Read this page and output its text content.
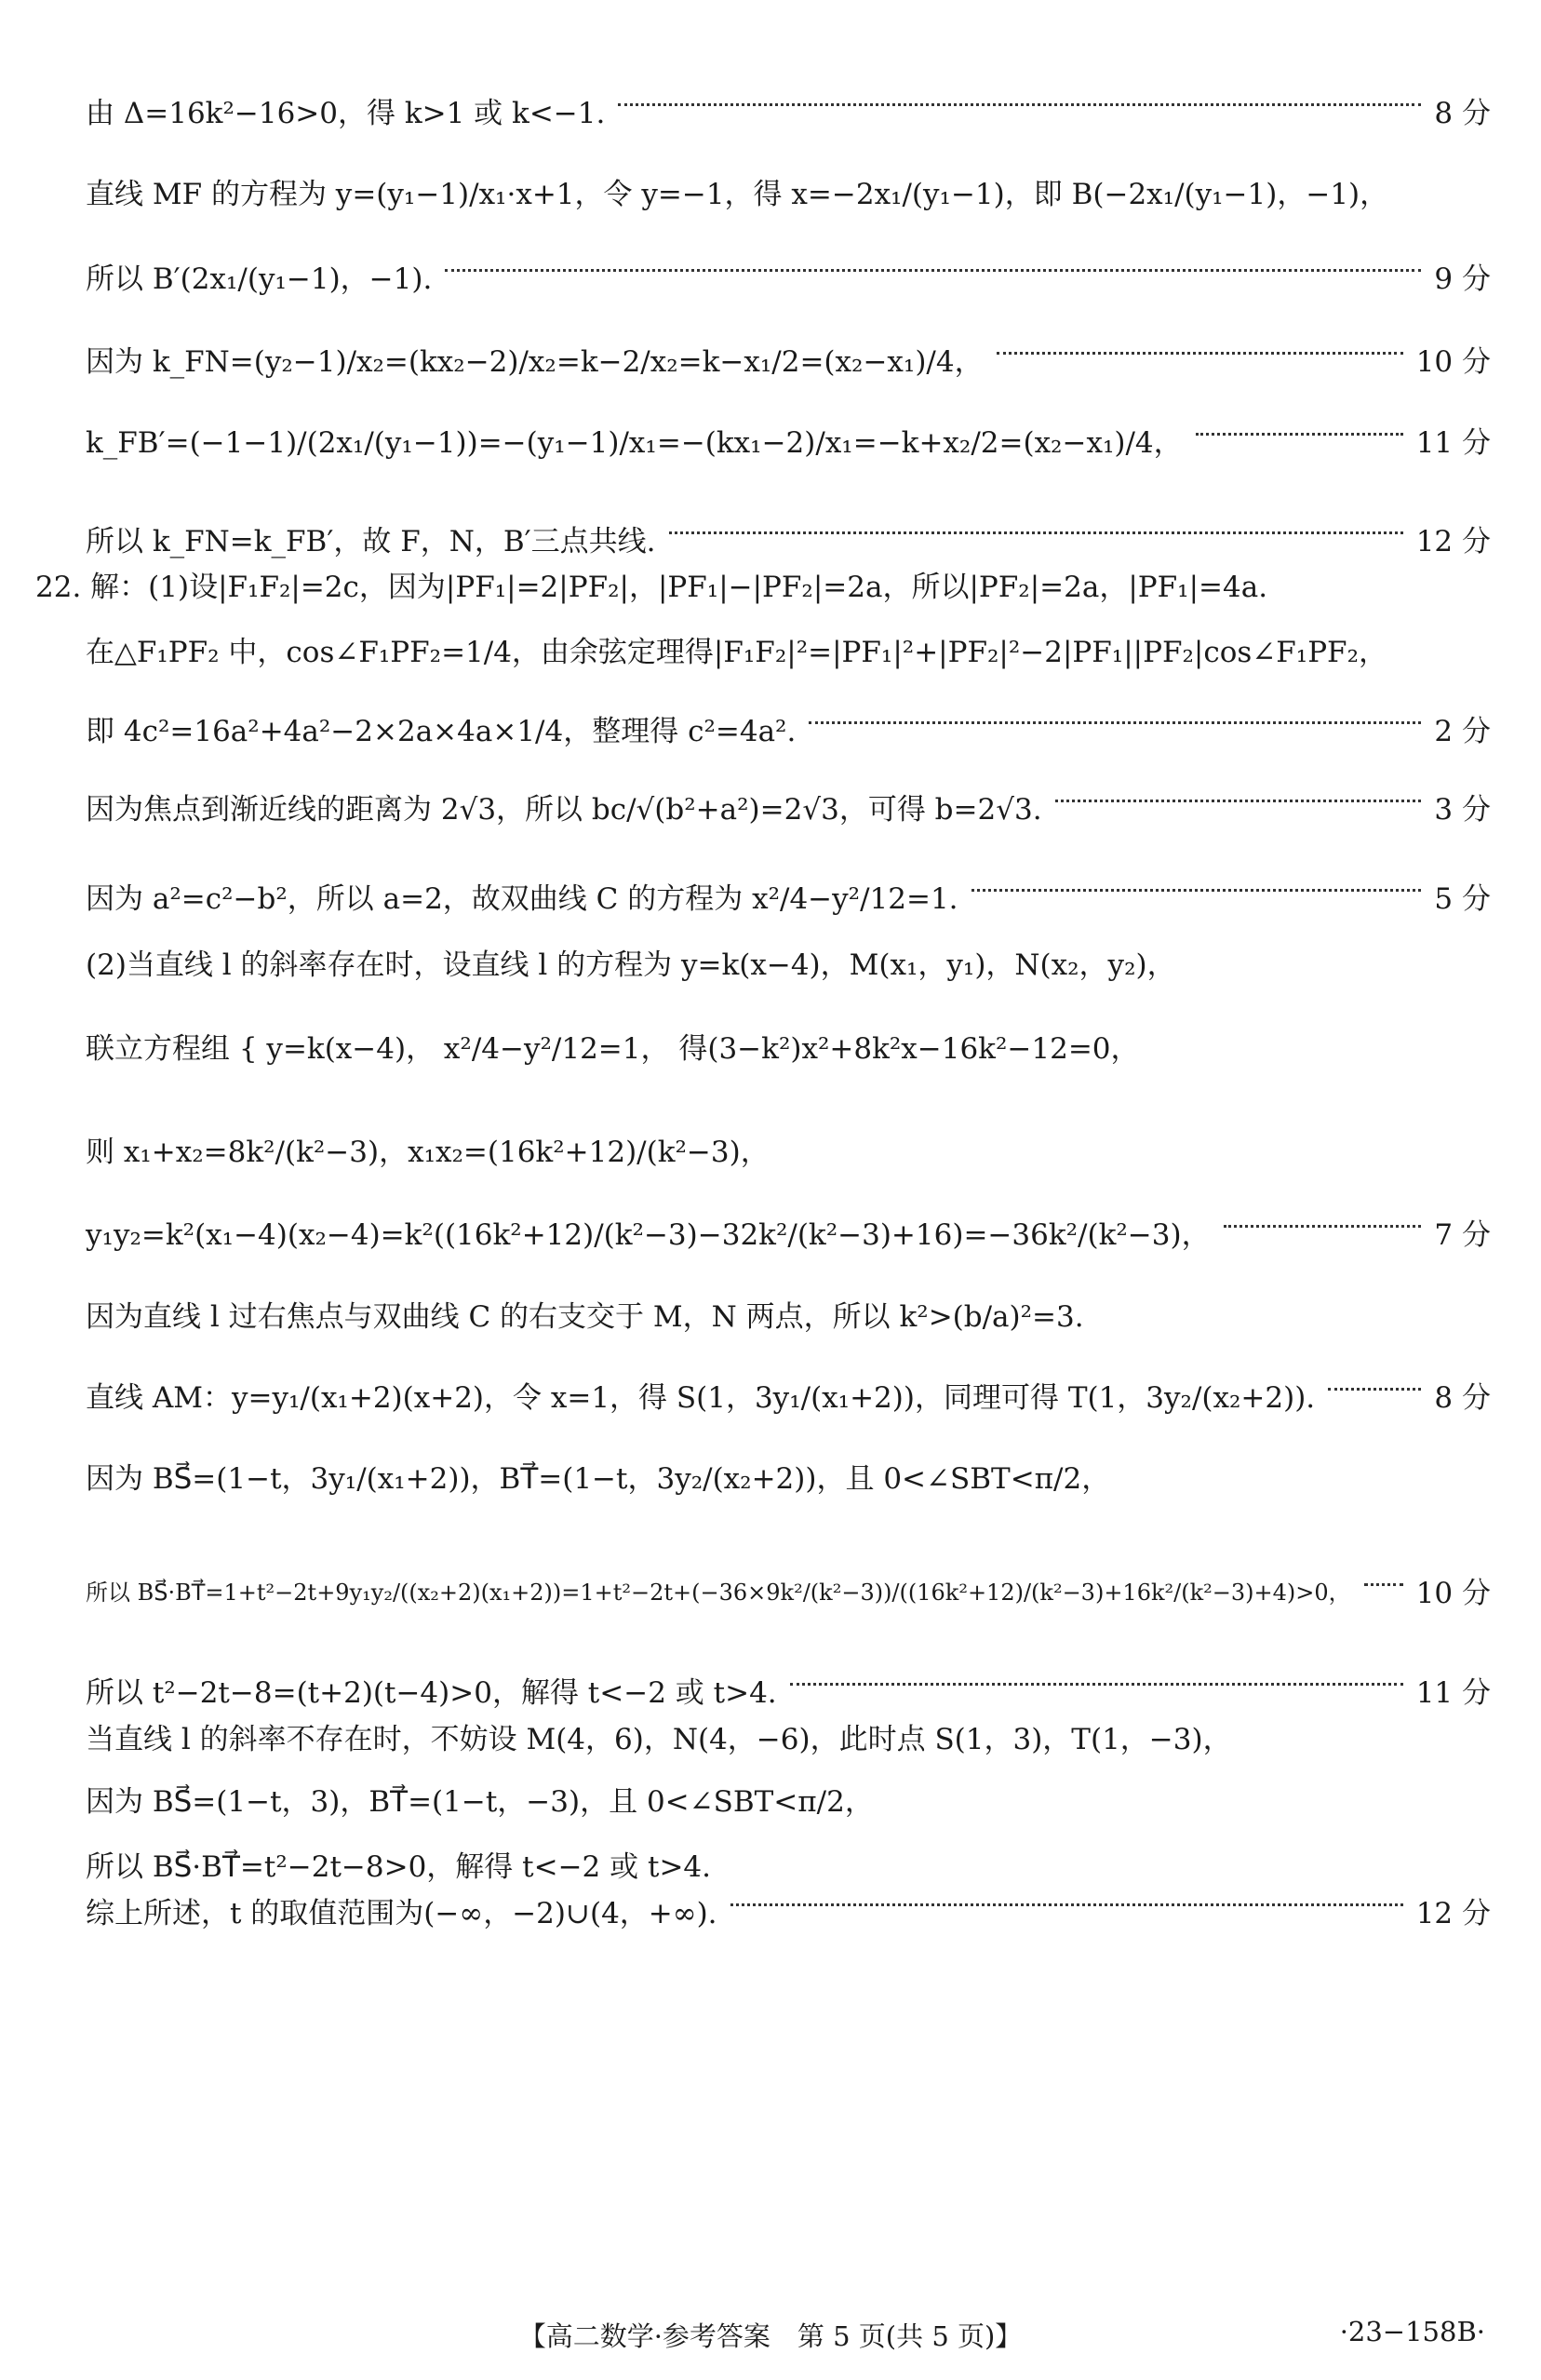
由 Δ=16k²−16>0，得 k>1 或 k<−1.	8 分
直线 MF 的方程为 y=(y₁−1)/x₁·x+1，令 y=−1，得 x=−2x₁/(y₁−1)，即 B(−2x₁/(y₁−1)，−1)，
所以 B′(2x₁/(y₁−1)，−1).	9 分
因为 k_FN=(y₂−1)/x₂=(kx₂−2)/x₂=k−2/x₂=k−x₁/2=(x₂−x₁)/4，	10 分
k_FB′=(−1−1)/(2x₁/(y₁−1))=−(y₁−1)/x₁=−(kx₁−2)/x₁=−k+x₂/2=(x₂−x₁)/4，	11 分
所以 k_FN=k_FB′，故 F，N，B′三点共线.	12 分
22. 解：(1)设|F₁F₂|=2c，因为|PF₁|=2|PF₂|，|PF₁|−|PF₂|=2a，所以|PF₂|=2a，|PF₁|=4a.
在△F₁PF₂ 中，cos∠F₁PF₂=1/4，由余弦定理得|F₁F₂|²=|PF₁|²+|PF₂|²−2|PF₁||PF₂|cos∠F₁PF₂，
即 4c²=16a²+4a²−2×2a×4a×1/4，整理得 c²=4a².	2 分
因为焦点到渐近线的距离为 2√3，所以 bc/√(b²+a²)=2√3，可得 b=2√3.	3 分
因为 a²=c²−b²，所以 a=2，故双曲线 C 的方程为 x²/4−y²/12=1.	5 分
(2)当直线 l 的斜率存在时，设直线 l 的方程为 y=k(x−4)，M(x₁，y₁)，N(x₂，y₂)，
联立方程组 { y=k(x−4)， x²/4−y²/12=1， 得(3−k²)x²+8k²x−16k²−12=0，
则 x₁+x₂=8k²/(k²−3)，x₁x₂=(16k²+12)/(k²−3)，
y₁y₂=k²(x₁−4)(x₂−4)=k²((16k²+12)/(k²−3)−32k²/(k²−3)+16)=−36k²/(k²−3)，	7 分
因为直线 l 过右焦点与双曲线 C 的右支交于 M，N 两点，所以 k²>(b/a)²=3.
直线 AM：y=y₁/(x₁+2)(x+2)，令 x=1，得 S(1，3y₁/(x₁+2))，同理可得 T(1，3y₂/(x₂+2)).	8 分
因为 BS⃗=(1−t，3y₁/(x₁+2))，BT⃗=(1−t，3y₂/(x₂+2))，且 0<∠SBT<π/2，
所以 BS⃗·BT⃗=1+t²−2t+9y₁y₂/((x₂+2)(x₁+2))=1+t²−2t+(−36×9k²/(k²−3))/((16k²+12)/(k²−3)+16k²/(k²−3)+4)>0， 10 分
所以 t²−2t−8=(t+2)(t−4)>0，解得 t<−2 或 t>4.	11 分
当直线 l 的斜率不存在时，不妨设 M(4，6)，N(4，−6)，此时点 S(1，3)，T(1，−3)，
因为 BS⃗=(1−t，3)，BT⃗=(1−t，−3)，且 0<∠SBT<π/2，
所以 BS⃗·BT⃗=t²−2t−8>0，解得 t<−2 或 t>4.
综上所述，t 的取值范围为(−∞，−2)∪(4，+∞).	12 分
【高二数学·参考答案　第 5 页(共 5 页)】	·23−158B·
